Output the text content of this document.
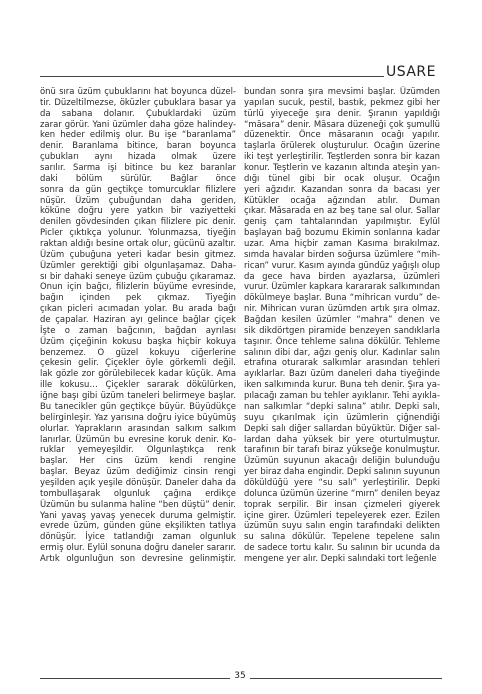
USARE
önü sıra üzüm çubuklarını hat boyunca düzel-
tir. Düzeltilmezse, öküzler çubuklara basar ya
da sabana dolanır. Çubuklardaki üzüm
zarar görür. Yani üzümler daha göze halindey-
ken heder edilmiş olur. Bu işe “baranlama”
denir. Baranlama bitince, baran boyunca
çubukları aynı hizada olmak üzere
sarılır. Sarma işi bitince bu kez baranlar
daki bölüm sürülür. Bağlar önce
sonra da gün geçtikçe tomurcuklar filizlere
nüşür. Üzüm çubuğundan daha geriden,
köküne doğru yere yatkın bir vaziyetteki
denilen gövdesinden çıkan filizlere pic denir.
Picler çıktıkça yolunur. Yolunmazsa, tiyeğin
raktan aldığı besine ortak olur, gücünü azaltır.
Üzüm çubuğuna yeteri kadar besin gitmez.
Üzümler gerektiği gibi olgunlaşamaz. Daha-
sı bir dahaki seneye üzüm çubuğu çıkaramaz.
Onun için bağcı, filizlerin büyüme evresinde,
bağın içinden pek çıkmaz. Tiyeğin
çıkan picleri acımadan yolar. Bu arada bağı
de çapalar. Haziran ayı gelince bağlar çiçek
İşte o zaman bağcının, bağdan ayrılası
Üzüm çiçeğinin kokusu başka hiçbir kokuya
benzemez. O güzel kokuyu ciğerlerine
çekesin gelir. Çiçekler öyle görkemli değil.
lak gözle zor görülebilecek kadar küçük. Ama
ille kokusu… Çiçekler sararak dökülürken,
iğne başı gibi üzüm taneleri belirmeye başlar.
Bu tanecikler gün geçtikçe büyür. Büyüdükçe
belirginleşir. Yaz yarısına doğru iyice büyümüş
olurlar. Yaprakların arasından salkım salkım
lanırlar. Üzümün bu evresine koruk denir. Ko-
ruklar yemeyeşildir. Olgunlaştıkça renk
başlar. Her cins üzüm kendi rengine
başlar. Beyaz üzüm dediğimiz cinsin rengi
yeşilden açık yeşile dönüşür. Daneler daha da
tombullaşarak olgunluk çağına erdikçe
Üzümün bu sulanma haline “ben düştü” denir.
Yani yavaş yavaş yenecek duruma gelmiştir.
evrede üzüm, günden güne ekşilikten tatlıya
dönüşür. İyice tatlandığı zaman olgunluk
ermiş olur. Eylül sonuna doğru daneler sararır.
Artık olgunluğun son devresine gelinmiştir.
bundan sonra şıra mevsimi başlar. Üzümden
yapılan sucuk, pestil, bastık, pekmez gibi her
türlü yiyeceğe şıra denir. Şıranın yapıldığı
“māsara” denir. Māsara düzeneği çok şumullü
düzenektir. Önce māsaranın ocağı yapılır.
taşlarla örülerek oluşturulur. Ocağın üzerine
iki teşt yerleştirilir. Teştlerden sonra bir kazan
konur. Teştlerin ve kazanın altında ateşin yan-
dığı tünel gibi bir ocak oluşur. Ocağın
yeri ağzıdır. Kazandan sonra da bacası yer
Kütükler ocağa ağzından atılır. Duman
çıkar. Māsarada en az beş tane sal olur. Sallar
geniş çam tahtalarından yapılmıştır. Eylül
başlayan bağ bozumu Ekimin sonlarına kadar
uzar. Ama hiçbir zaman Kasıma bırakılmaz.
sımda havalar birden soğursa üzümlere “mih-
rican” vurur. Kasım ayında gündüz yağışlı olup
da gece hava birden ayazlarsa, üzümleri
vurur. Üzümler kapkara karararak salkımından
dökülmeye başlar. Buna “mihrican vurdu” de-
nir. Mihrican vuran üzümden artık şıra olmaz.
Bağdan kesilen üzümler “mahra” denen ve
sik dikdörtgen piramide benzeyen sandıklarla
taşınır. Önce tehleme salına dökülür. Tehleme
salının dibi dar, ağzı geniş olur. Kadınlar salın
etrafına oturarak salkımlar arasından tehleri
ayıklarlar. Bazı üzüm daneleri daha tiyeğinde
iken salkımında kurur. Buna teh denir. Şıra ya-
pılacağı zaman bu tehler ayıklanır. Tehi ayıkla-
nan salkımlar “depki salına” atılır. Depki salı,
suyu çıkarılmak için üzümlerin çiğnendiği
Depki salı diğer sallardan büyüktür. Diğer sal-
lardan daha yüksek bir yere oturtulmuştur.
tarafının bir tarafı biraz yükseğe konulmuştur.
Üzümün suyunun akacağı deliğin bulunduğu
yer biraz daha engindir. Depki salının suyunun
döküldüğü yere “su salı” yerleştirilir. Depki
dolunca üzümün üzerine “mırn” denilen beyaz
toprak serpilir. Bir insan çizmeleri giyerek
içine girer. Üzümleri tepeleyerek ezer. Ezilen
üzümün suyu salın engin tarafındaki delikten
su salına dökülür. Tepelene tepelene salın
de sadece tortu kalır. Su salının bir ucunda da
mengene yer alır. Depki salındaki tort leğenle
35
